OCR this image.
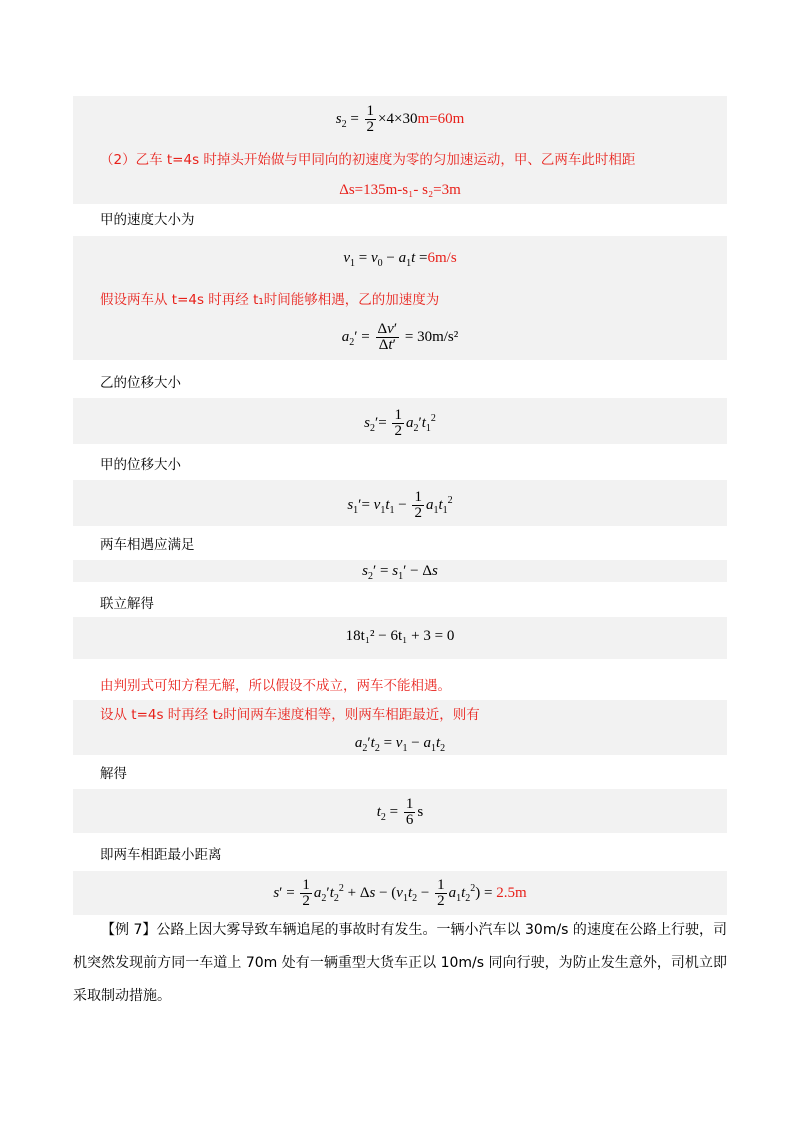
$s_2 = \frac{1}{2} \times 4\times 30m=60m$
（2）乙车 t=4s 时掉头开始做与甲同向的初速度为零的匀加速运动，甲、乙两车此时相距
Δs=135m-s₁- s₂=3m
甲的速度大小为
$v_1 = v_0 - a_1t =6m/s$
假设两车从 t=4s 时再经 t₁时间能够相遇，乙的加速度为
$a_2' = \frac{\Delta v'}{\Delta t'} = 30m/s^2$
乙的位移大小
$s_2'= \frac{1}{2} a_2't_1^2$
甲的位移大小
$s_1'= v_1t_1 - \frac{1}{2} a_1t_1^2$
两车相遇应满足
$s_2' = s_1' - \Delta s$
联立解得
18t₁² − 6t₁ + 3 = 0
由判别式可知方程无解，所以假设不成立，两车不能相遇。
设从 t=4s 时再经 t₂时间两车速度相等，则两车相距最近，则有
$a_2't_2 = v_1 - a_1t_2$
解得
$t_2 = \frac{1}{6}$ s
即两车相距最小距离
$s' = \frac{1}{2} a_2't_2^2 + \Delta s - (v_1t_2 - \frac{1}{2} a_1t_2^2) = 2.5m$
【例 7】公路上因大雾导致车辆追尾的事故时有发生。一辆小汽车以 30m/s 的速度在公路上行驶，司机突然发现前方同一车道上 70m 处有一辆重型大货车正以 10m/s 同向行驶，为防止发生意外，司机立即采取制动措施。
